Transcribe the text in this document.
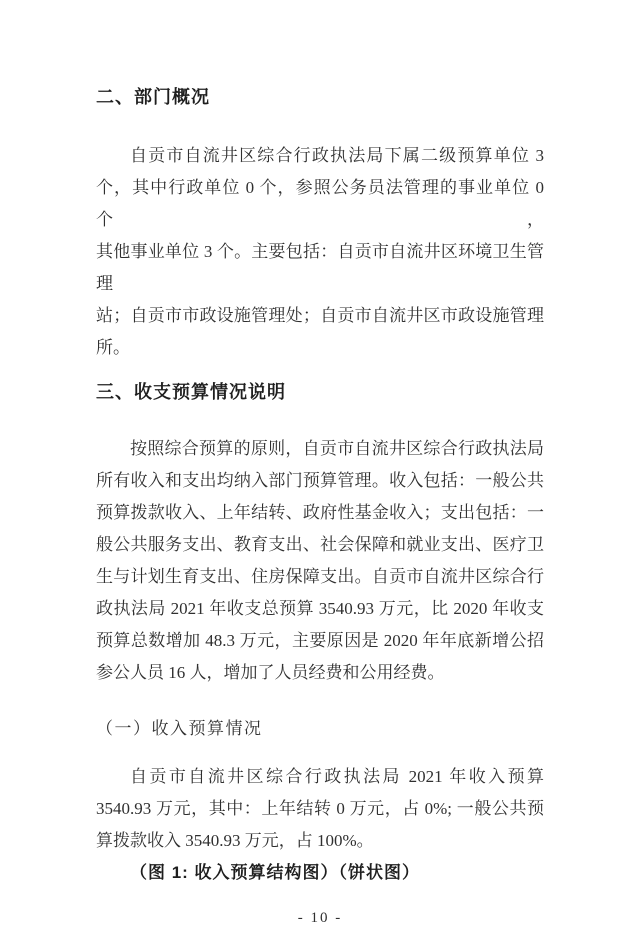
二、部门概况
自贡市自流井区综合行政执法局下属二级预算单位 3
个，其中行政单位 0 个，参照公务员法管理的事业单位 0 个，
其他事业单位 3 个。主要包括：自贡市自流井区环境卫生管理
站；自贡市市政设施管理处；自贡市自流井区市政设施管理
所。
三、收支预算情况说明
按照综合预算的原则，自贡市自流井区综合行政执法局
所有收入和支出均纳入部门预算管理。收入包括：一般公共
预算拨款收入、上年结转、政府性基金收入；支出包括：一
般公共服务支出、教育支出、社会保障和就业支出、医疗卫
生与计划生育支出、住房保障支出。自贡市自流井区综合行
政执法局 2021 年收支总预算 3540.93 万元，比 2020 年收支
预算总数增加 48.3 万元，主要原因是 2020 年年底新增公招
参公人员 16 人，增加了人员经费和公用经费。
（一）收入预算情况
自贡市自流井区综合行政执法局 2021 年收入预算
3540.93 万元，其中：上年结转 0 万元，占 0%; 一般公共预
算拨款收入 3540.93 万元，占 100%。
（图 1: 收入预算结构图）（饼状图）
- 10 -
